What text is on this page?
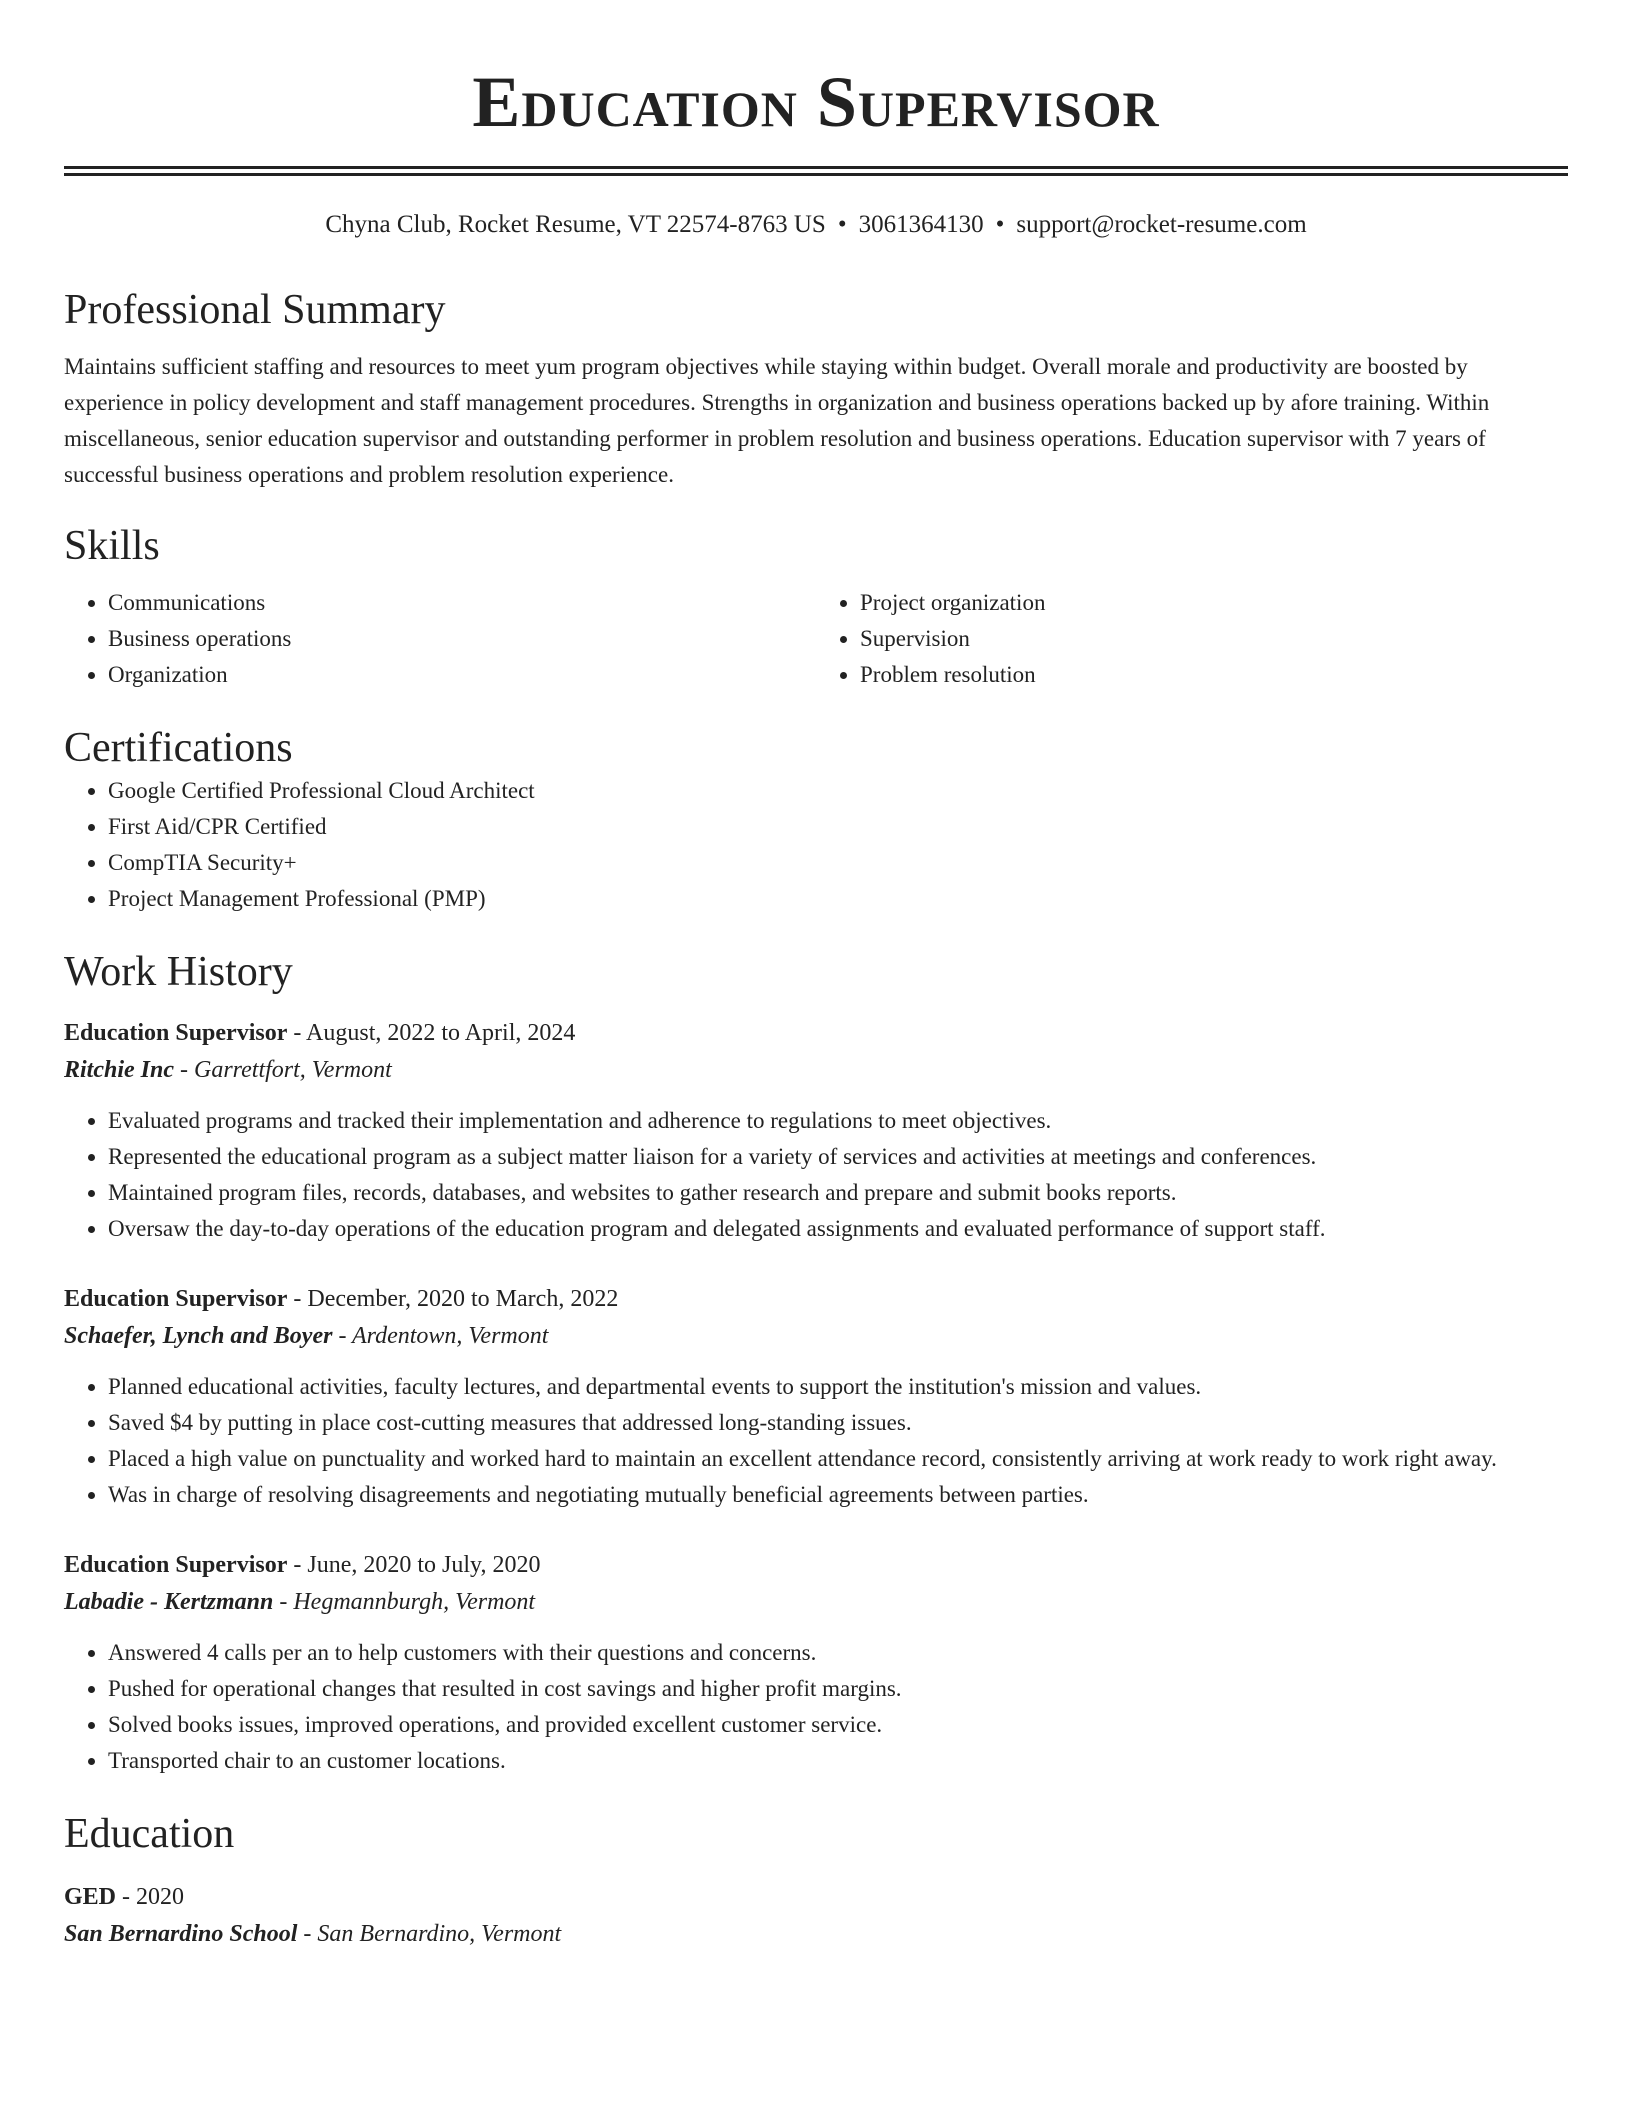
Education Supervisor
Chyna Club, Rocket Resume, VT 22574-8763 US • 3061364130 • support@rocket-resume.com
Professional Summary

Maintains sufficient staffing and resources to meet yum program objectives while staying within budget. Overall morale and productivity are boosted by experience in policy development and staff management procedures. Strengths in organization and business operations backed up by afore training. Within miscellaneous, senior education supervisor and outstanding performer in problem resolution and business operations. Education supervisor with 7 years of successful business operations and problem resolution experience.

Skills
• Communications
• Business operations
• Organization
• Project organization
• Supervision
• Problem resolution
Certifications
• Google Certified Professional Cloud Architect
• First Aid/CPR Certified
• CompTIA Security+
• Project Management Professional (PMP)
Work History
Education Supervisor - August, 2022 to April, 2024
Ritchie Inc - Garrettfort, Vermont
• Evaluated programs and tracked their implementation and adherence to regulations to meet objectives.
• Represented the educational program as a subject matter liaison for a variety of services and activities at meetings and conferences.
• Maintained program files, records, databases, and websites to gather research and prepare and submit books reports.
• Oversaw the day-to-day operations of the education program and delegated assignments and evaluated performance of support staff.
Education Supervisor - December, 2020 to March, 2022
Schaefer, Lynch and Boyer - Ardentown, Vermont
• Planned educational activities, faculty lectures, and departmental events to support the institution's mission and values.
• Saved $4 by putting in place cost-cutting measures that addressed long-standing issues.
• Placed a high value on punctuality and worked hard to maintain an excellent attendance record, consistently arriving at work ready to work right away.
• Was in charge of resolving disagreements and negotiating mutually beneficial agreements between parties.
Education Supervisor - June, 2020 to July, 2020
Labadie - Kertzmann - Hegmannburgh, Vermont
• Answered 4 calls per an to help customers with their questions and concerns.
• Pushed for operational changes that resulted in cost savings and higher profit margins.
• Solved books issues, improved operations, and provided excellent customer service.
• Transported chair to an customer locations.
Education
GED - 2020
San Bernardino School - San Bernardino, Vermont
